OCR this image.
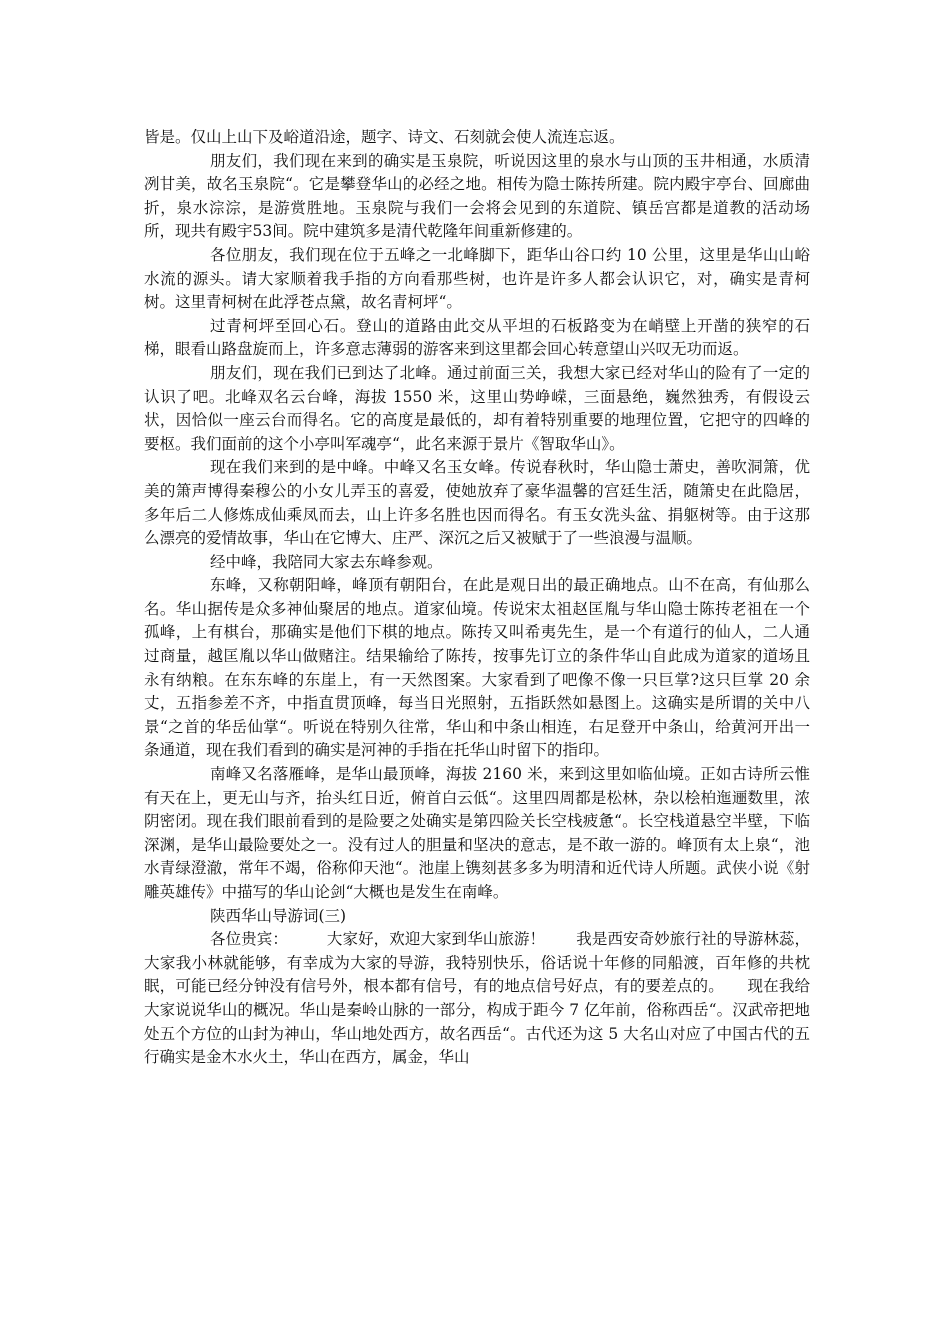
皆是。仅山上山下及峪道沿途，题字、诗文、石刻就会使人流连忘返。

朋友们，我们现在来到的确实是玉泉院，听说因这里的泉水与山顶的玉井相通，水质清冽甘美，故名玉泉院“。它是攀登华山的必经之地。相传为隐士陈抟所建。院内殿宇亭台、回廊曲折，泉水淙淙，是游赏胜地。玉泉院与我们一会将会见到的东道院、镇岳宫都是道教的活动场所，现共有殿宇53间。院中建筑多是清代乾隆年间重新修建的。

各位朋友，我们现在位于五峰之一北峰脚下，距华山谷口约 10 公里，这里是华山山峪水流的源头。请大家顺着我手指的方向看那些树，也许是许多人都会认识它，对，确实是青柯树。这里青柯树在此浮苍点黛，故名青柯坪“。

过青柯坪至回心石。登山的道路由此交从平坦的石板路变为在峭壁上开凿的狭窄的石梯，眼看山路盘旋而上，许多意志薄弱的游客来到这里都会回心转意望山兴叹无功而返。

朋友们，现在我们已到达了北峰。通过前面三关，我想大家已经对华山的险有了一定的认识了吧。北峰双名云台峰，海拔 1550 米，这里山势峥嵘，三面悬绝，巍然独秀，有假设云状，因恰似一座云台而得名。它的高度是最低的，却有着特别重要的地理位置，它把守的四峰的要枢。我们面前的这个小亭叫军魂亭“，此名来源于景片《智取华山》。

现在我们来到的是中峰。中峰又名玉女峰。传说春秋时，华山隐士萧史，善吹洞箫，优美的箫声博得秦穆公的小女儿弄玉的喜爱，使她放弃了豪华温馨的宫廷生活，随箫史在此隐居，多年后二人修炼成仙乘凤而去，山上许多名胜也因而得名。有玉女洗头盆、捐躯树等。由于这那么漂亮的爱情故事，华山在它博大、庄严、深沉之后又被赋于了一些浪漫与温顺。

经中峰，我陪同大家去东峰参观。

东峰，又称朝阳峰，峰顶有朝阳台，在此是观日出的最正确地点。山不在高，有仙那么名。华山据传是众多神仙聚居的地点。道家仙境。传说宋太祖赵匡胤与华山隐士陈抟老祖在一个孤峰，上有棋台，那确实是他们下棋的地点。陈抟又叫希夷先生，是一个有道行的仙人，二人通过商量，越匡胤以华山做赌注。结果输给了陈抟，按事先订立的条件华山自此成为道家的道场且永有纳粮。在东东峰的东崖上，有一天然图案。大家看到了吧像不像一只巨掌?这只巨掌 20 余丈，五指参差不齐，中指直贯顶峰，每当日光照射，五指跃然如悬图上。这确实是所谓的关中八景“之首的华岳仙掌“。听说在特别久往常，华山和中条山相连，右足登开中条山，给黄河开出一条通道，现在我们看到的确实是河神的手指在托华山时留下的指印。

南峰又名落雁峰，是华山最顶峰，海拔 2160 米，来到这里如临仙境。正如古诗所云惟有天在上，更无山与齐，抬头红日近，俯首白云低“。这里四周都是松林，杂以桧柏迤逦数里，浓阴密闭。现在我们眼前看到的是险要之处确实是第四险关长空栈疲惫“。长空栈道悬空半壁，下临深渊，是华山最险要处之一。没有过人的胆量和坚决的意志，是不敢一游的。峰顶有太上泉“，池水青绿澄澈，常年不竭，俗称仰天池“。池崖上镌刻甚多多为明清和近代诗人所题。武侠小说《射雕英雄传》中描写的华山论剑“大概也是发生在南峰。

陕西华山导游词(三)

各位贵宾：　　　大家好，欢迎大家到华山旅游！　　我是西安奇妙旅行社的导游林蕊，大家我小林就能够，有幸成为大家的导游，我特别快乐，俗话说十年修的同船渡，百年修的共枕眠，可能已经分钟没有信号外，根本都有信号，有的地点信号好点，有的要差点的。　　现在我给大家说说华山的概况。华山是秦岭山脉的一部分，构成于距今 7 亿年前，俗称西岳“。汉武帝把地处五个方位的山封为神山，华山地处西方，故名西岳“。古代还为这 5 大名山对应了中国古代的五行确实是金木水火土，华山在西方，属金，华山
